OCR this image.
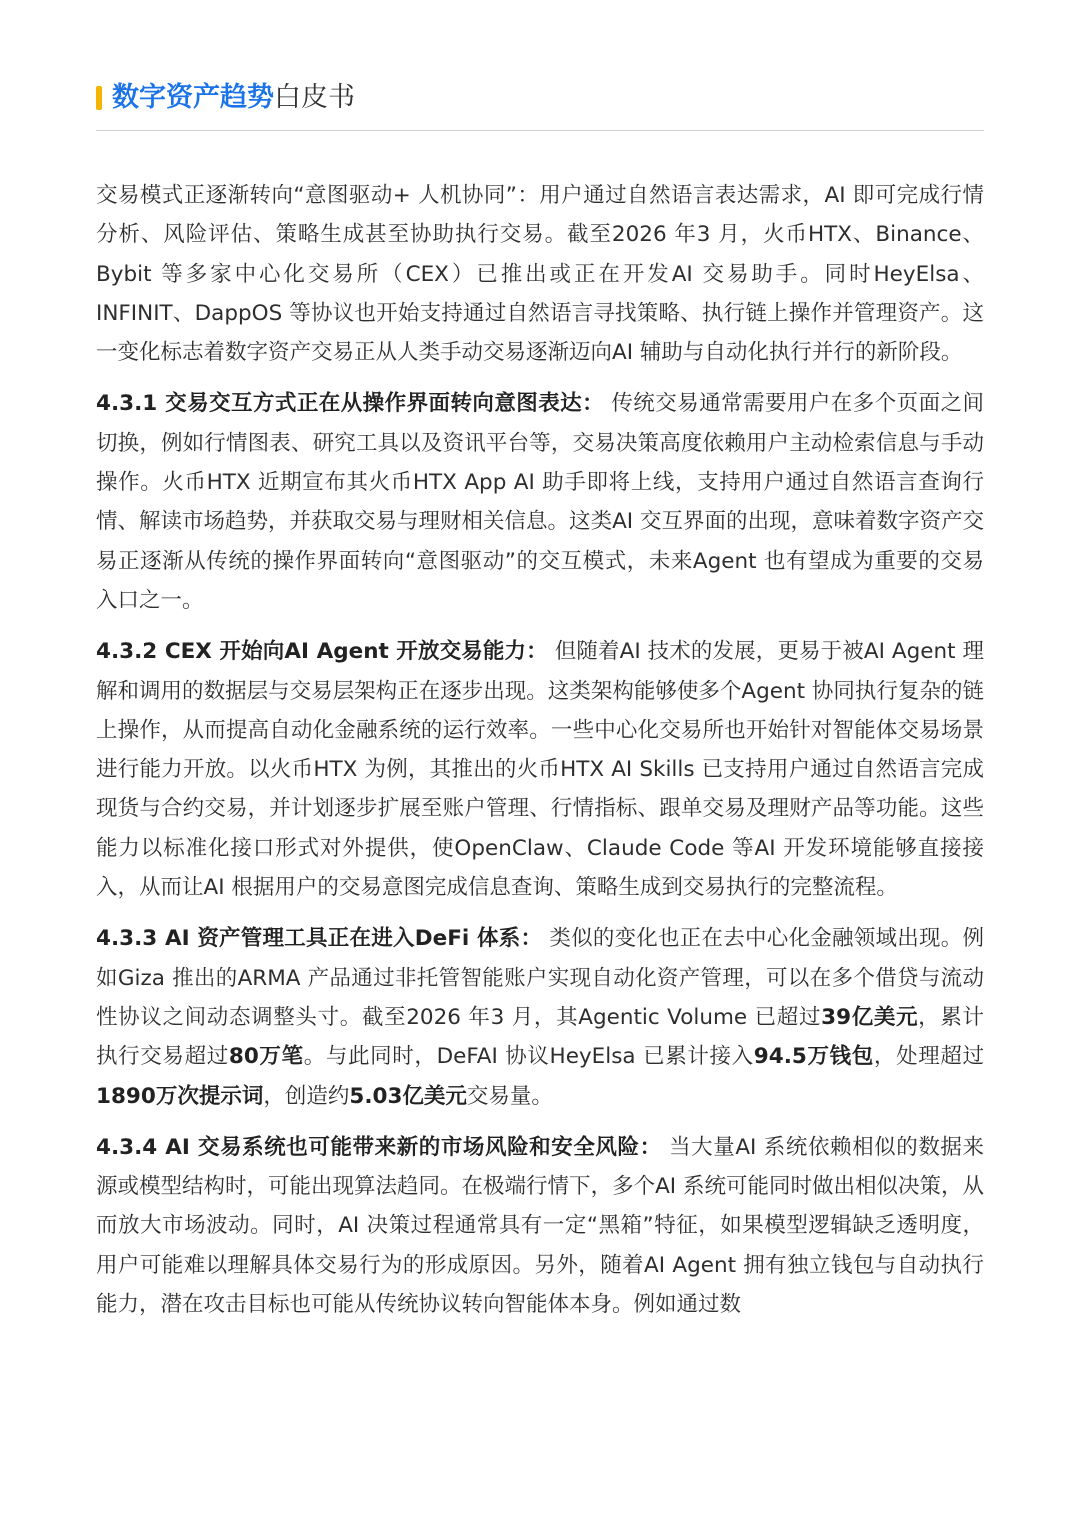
数字资产趋势白皮书

交易模式正逐渐转向“意图驱动+ 人机协同”：用户通过自然语言表达需求，AI 即可完成行情分析、风险评估、策略生成甚至协助执行交易。截至2026 年3 月，火币HTX、Binance、Bybit 等多家中心化交易所（CEX）已推出或正在开发AI 交易助手。同时HeyElsa、INFINIT、DappOS 等协议也开始支持通过自然语言寻找策略、执行链上操作并管理资产。这一变化标志着数字资产交易正从人类手动交易逐渐迈向AI 辅助与自动化执行并行的新阶段。

4.3.1 交易交互方式正在从操作界面转向意图表达： 传统交易通常需要用户在多个页面之间切换，例如行情图表、研究工具以及资讯平台等，交易决策高度依赖用户主动检索信息与手动操作。火币HTX 近期宣布其火币HTX App AI 助手即将上线，支持用户通过自然语言查询行情、解读市场趋势，并获取交易与理财相关信息。这类AI 交互界面的出现，意味着数字资产交易正逐渐从传统的操作界面转向“意图驱动”的交互模式，未来Agent 也有望成为重要的交易入口之一。

4.3.2 CEX 开始向AI Agent 开放交易能力： 但随着AI 技术的发展，更易于被AI Agent 理解和调用的数据层与交易层架构正在逐步出现。这类架构能够使多个Agent 协同执行复杂的链上操作，从而提高自动化金融系统的运行效率。一些中心化交易所也开始针对智能体交易场景进行能力开放。以火币HTX 为例，其推出的火币HTX AI Skills 已支持用户通过自然语言完成现货与合约交易，并计划逐步扩展至账户管理、行情指标、跟单交易及理财产品等功能。这些能力以标准化接口形式对外提供，使OpenClaw、Claude Code 等AI 开发环境能够直接接入，从而让AI 根据用户的交易意图完成信息查询、策略生成到交易执行的完整流程。

4.3.3 AI 资产管理工具正在进入DeFi 体系： 类似的变化也正在去中心化金融领域出现。例如Giza 推出的ARMA 产品通过非托管智能账户实现自动化资产管理，可以在多个借贷与流动性协议之间动态调整头寸。截至2026 年3 月，其Agentic Volume 已超过39亿美元，累计执行交易超过80万笔。与此同时，DeFAI 协议HeyElsa 已累计接入94.5万钱包，处理超过1890万次提示词，创造约5.03亿美元交易量。

4.3.4 AI 交易系统也可能带来新的市场风险和安全风险： 当大量AI 系统依赖相似的数据来源或模型结构时，可能出现算法趋同。在极端行情下，多个AI 系统可能同时做出相似决策，从而放大市场波动。同时，AI 决策过程通常具有一定“黑箱”特征，如果模型逻辑缺乏透明度，用户可能难以理解具体交易行为的形成原因。另外，随着AI Agent 拥有独立钱包与自动执行能力，潜在攻击目标也可能从传统协议转向智能体本身。例如通过数
